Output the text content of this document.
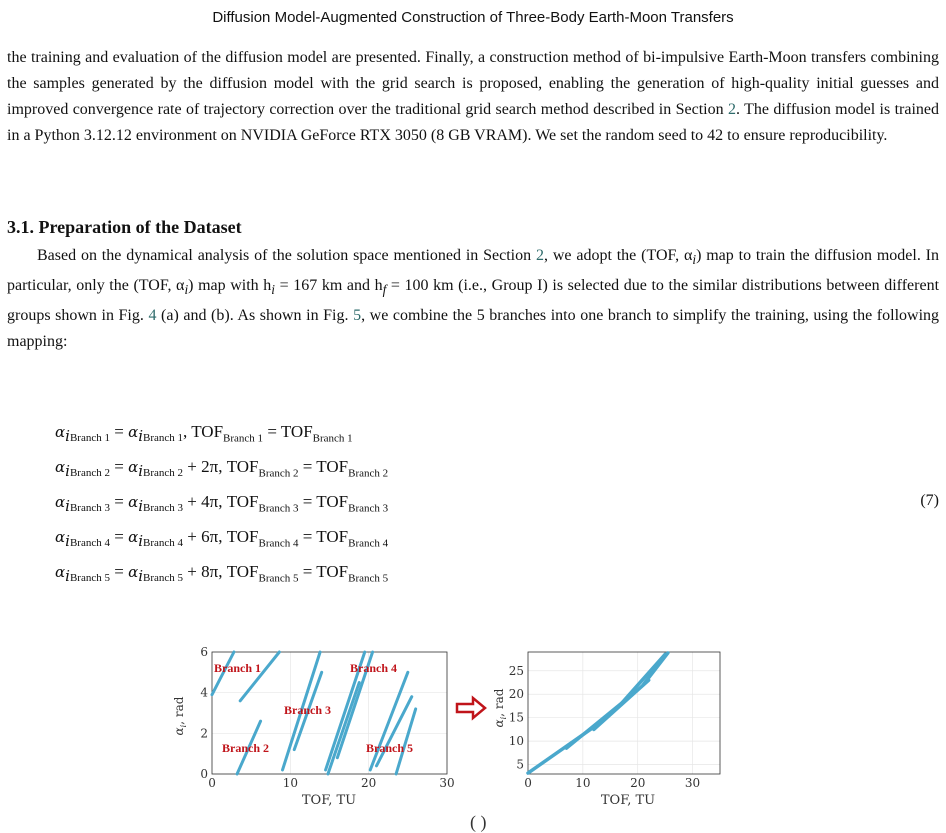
Diffusion Model-Augmented Construction of Three-Body Earth-Moon Transfers

the training and evaluation of the diffusion model are presented. Finally, a construction method of bi-impulsive Earth-Moon transfers combining the samples generated by the diffusion model with the grid search is proposed, enabling the generation of high-quality initial guesses and improved convergence rate of trajectory correction over the traditional grid search method described in Section 2. The diffusion model is trained in a Python 3.12.12 environment on NVIDIA GeForce RTX 3050 (8 GB VRAM). We set the random seed to 42 to ensure reproducibility.

3.1. Preparation of the Dataset

Based on the dynamical analysis of the solution space mentioned in Section 2, we adopt the (TOF, $\alpha_i$) map to train the diffusion model. In particular, only the (TOF, $\alpha_i$) map with $h_i = 167$ km and $h_f = 100$ km (i.e., Group I) is selected due to the similar distributions between different groups shown in Fig. 4 (a) and (b). As shown in Fig. 5, we combine the 5 branches into one branch to simplify the training, using the following mapping:

$\alpha_{iBranch 1} = \alpha_{iBranch 1}$, $TOF_{Branch 1} = TOF_{Branch 1}$
$\alpha_{iBranch 2} = \alpha_{iBranch 2} + 2\pi$, $TOF_{Branch 2} = TOF_{Branch 2}$
$\alpha_{iBranch 3} = \alpha_{iBranch 3} + 4\pi$, $TOF_{Branch 3} = TOF_{Branch 3}$
$\alpha_{iBranch 4} = \alpha_{iBranch 4} + 6\pi$, $TOF_{Branch 4} = TOF_{Branch 4}$
$\alpha_{iBranch 5} = \alpha_{iBranch 5} + 8\pi$, $TOF_{Branch 5} = TOF_{Branch 5}$
(7)
0	10	20	30
0
2
4
6
TOF, TU
Branch 1	Branch 4
Branch 3
Branch 2	Branch 5
$\alpha_i$, rad
0	10	20	30
5
10
15
20
25
TOF, TU
$\alpha_i$, rad
( )
